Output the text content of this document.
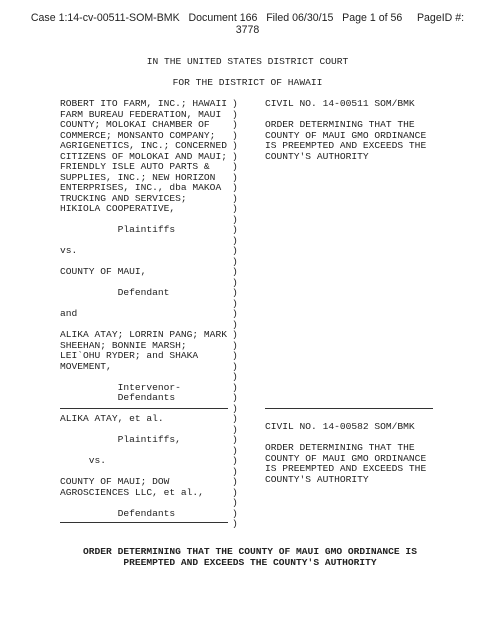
Case 1:14-cv-00511-SOM-BMK   Document 166   Filed 06/30/15   Page 1 of 56     PageID #:
3778
IN THE UNITED STATES DISTRICT COURT
FOR THE DISTRICT OF HAWAII
ROBERT ITO FARM, INC.; HAWAII
FARM BUREAU FEDERATION, MAUI
COUNTY; MOLOKAI CHAMBER OF
COMMERCE; MONSANTO COMPANY;
AGRIGENETICS, INC.; CONCERNED
CITIZENS OF MOLOKAI AND MAUI;
FRIENDLY ISLE AUTO PARTS &
SUPPLIES, INC.; NEW HORIZON
ENTERPRISES, INC., dba MAKOA
TRUCKING AND SERVICES;
HIKIOLA COOPERATIVE,
Plaintiffs
vs.
COUNTY OF MAUI,
Defendant
and
ALIKA ATAY; LORRIN PANG; MARK
SHEEHAN; BONNIE MARSH;
LEI`OHU RYDER; and SHAKA
MOVEMENT,
Intervenor-
Defendants
ALIKA ATAY, et al.
Plaintiffs,
vs.
COUNTY OF MAUI; DOW
AGROSCIENCES LLC, et al.,
Defendants
)
)
)
)
)
)
)
)
)
)
)
)
)
)
)
)
)
)
)
)
)
)
)
)
)
)
)
)
)
)
)
)
)
)
)
)
)
)
)
)
)
CIVIL NO. 14-00511 SOM/BMK
ORDER DETERMINING THAT THE
COUNTY OF MAUI GMO ORDINANCE
IS PREEMPTED AND EXCEEDS THE
COUNTY'S AUTHORITY
CIVIL NO. 14-00582 SOM/BMK
ORDER DETERMINING THAT THE
COUNTY OF MAUI GMO ORDINANCE
IS PREEMPTED AND EXCEEDS THE
COUNTY'S AUTHORITY
ORDER DETERMINING THAT THE COUNTY OF MAUI GMO ORDINANCE IS
PREEMPTED AND EXCEEDS THE COUNTY'S AUTHORITY
